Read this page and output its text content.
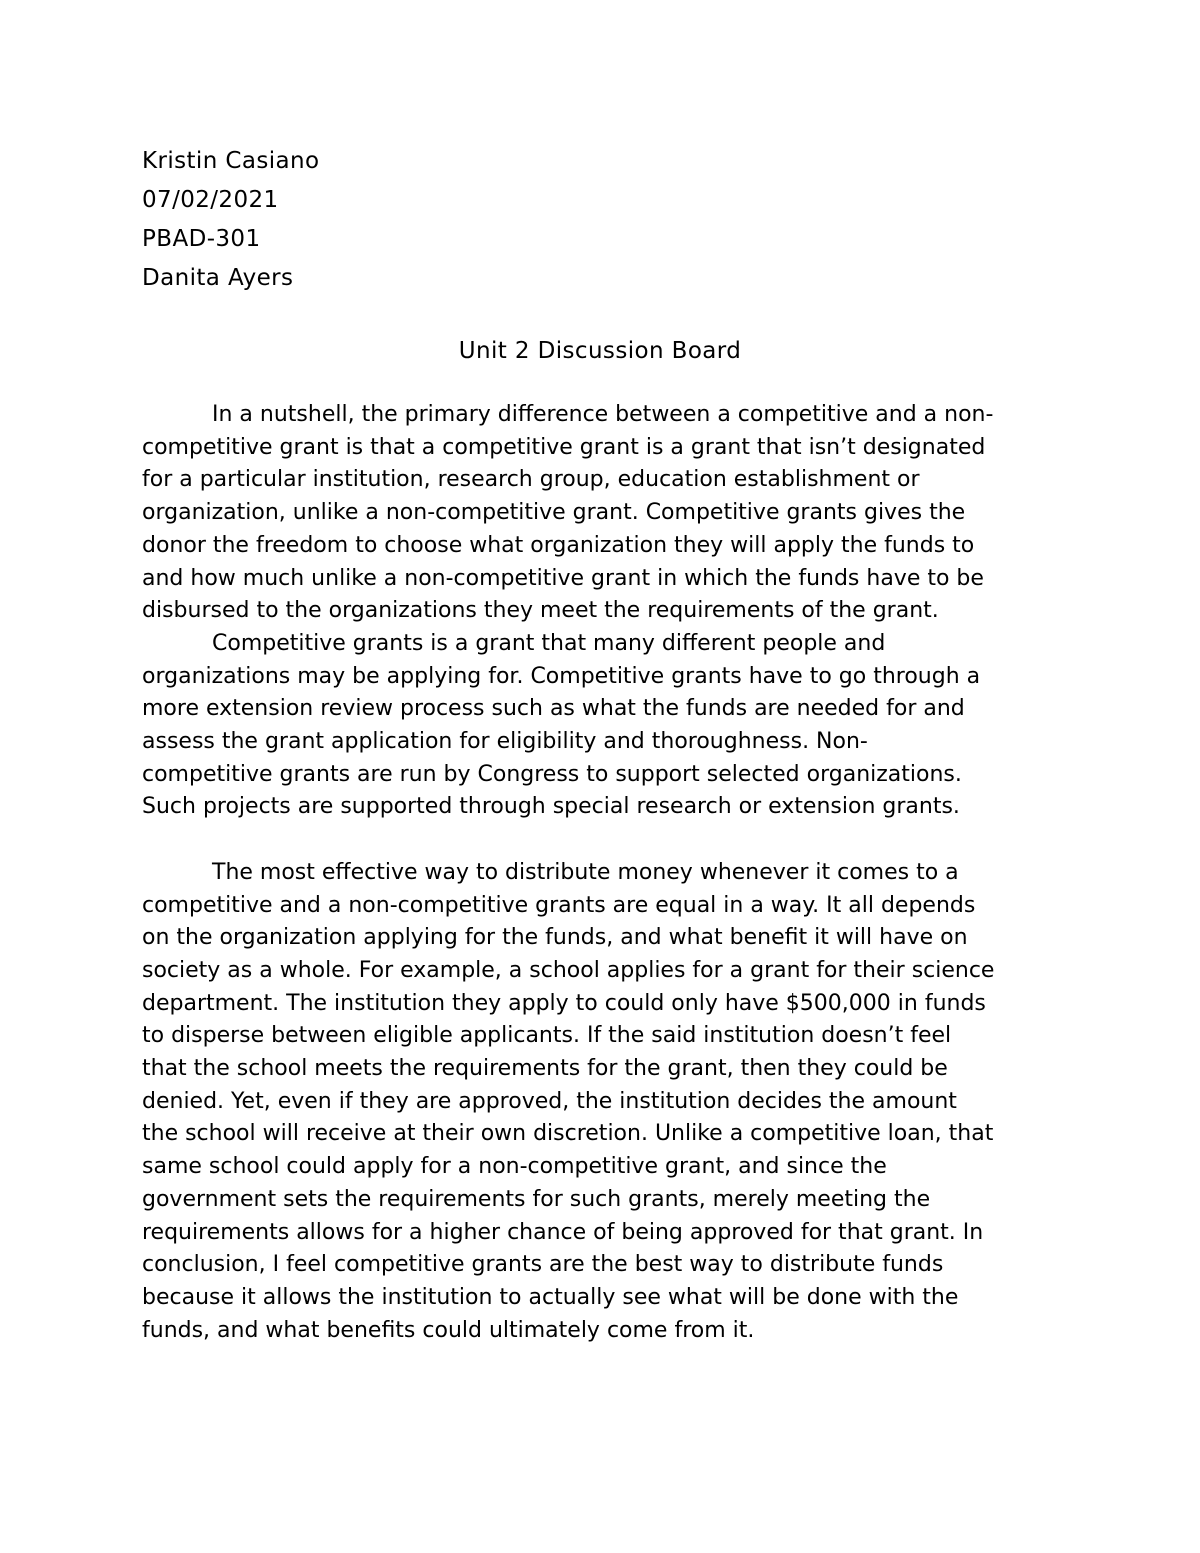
Kristin Casiano

07/02/2021

PBAD-301

Danita Ayers

Unit 2 Discussion Board

In a nutshell, the primary difference between a competitive and a non-
competitive grant is that a competitive grant is a grant that isn’t designated
for a particular institution, research group, education establishment or
organization, unlike a non-competitive grant. Competitive grants gives the
donor the freedom to choose what organization they will apply the funds to
and how much unlike a non-competitive grant in which the funds have to be
disbursed to the organizations they meet the requirements of the grant.

Competitive grants is a grant that many different people and
organizations may be applying for. Competitive grants have to go through a
more extension review process such as what the funds are needed for and
assess the grant application for eligibility and thoroughness. Non-
competitive grants are run by Congress to support selected organizations.
Such projects are supported through special research or extension grants.

The most effective way to distribute money whenever it comes to a
competitive and a non-competitive grants are equal in a way. It all depends
on the organization applying for the funds, and what benefit it will have on
society as a whole. For example, a school applies for a grant for their science
department. The institution they apply to could only have $500,000 in funds
to disperse between eligible applicants. If the said institution doesn’t feel
that the school meets the requirements for the grant, then they could be
denied. Yet, even if they are approved, the institution decides the amount
the school will receive at their own discretion. Unlike a competitive loan, that
same school could apply for a non-competitive grant, and since the
government sets the requirements for such grants, merely meeting the
requirements allows for a higher chance of being approved for that grant. In
conclusion, I feel competitive grants are the best way to distribute funds
because it allows the institution to actually see what will be done with the
funds, and what benefits could ultimately come from it.
